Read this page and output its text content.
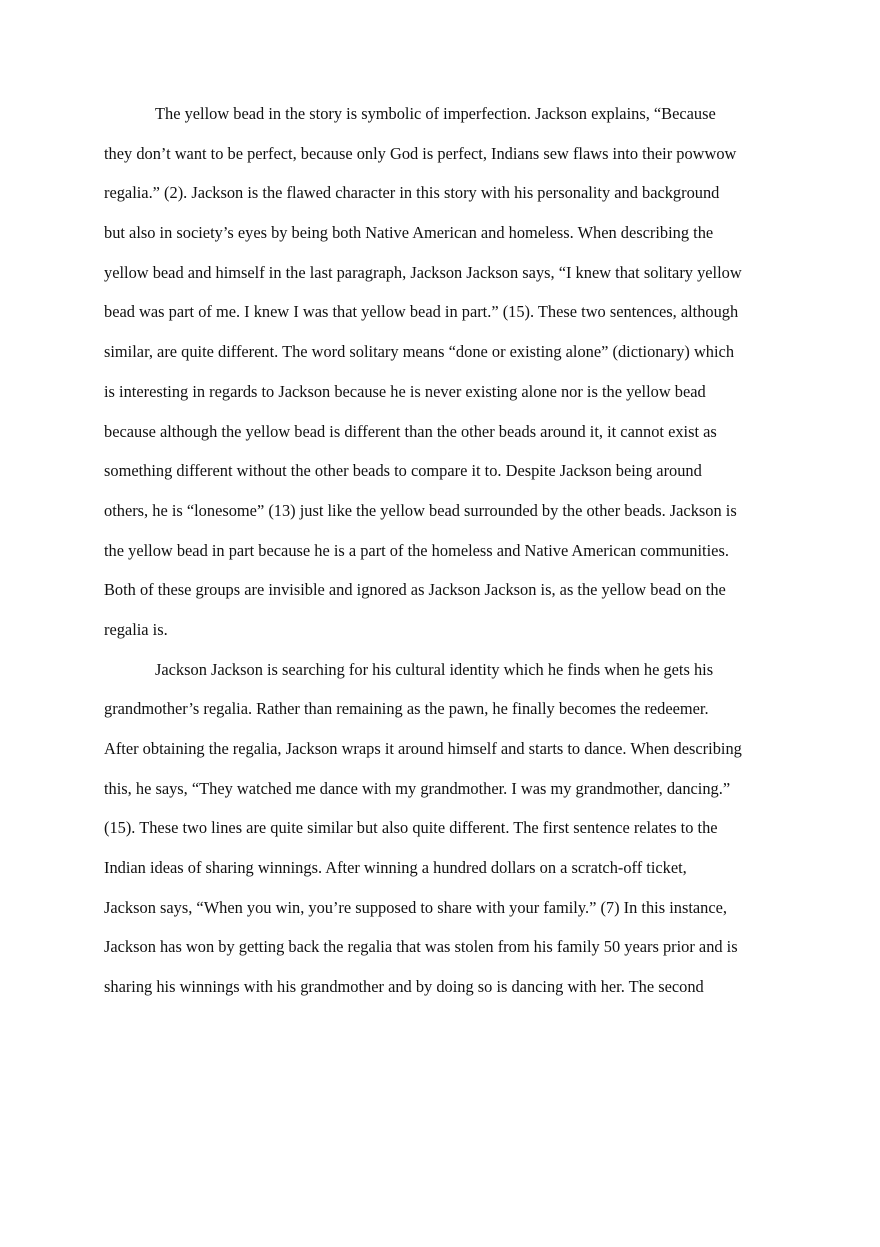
The yellow bead in the story is symbolic of imperfection. Jackson explains, “Because
they don’t want to be perfect, because only God is perfect, Indians sew flaws into their powwow
regalia.” (2). Jackson is the flawed character in this story with his personality and background
but also in society’s eyes by being both Native American and homeless. When describing the
yellow bead and himself in the last paragraph, Jackson Jackson says, “I knew that solitary yellow
bead was part of me. I knew I was that yellow bead in part.” (15). These two sentences, although
similar, are quite different. The word solitary means “done or existing alone” (dictionary) which
is interesting in regards to Jackson because he is never existing alone nor is the yellow bead
because although the yellow bead is different than the other beads around it, it cannot exist as
something different without the other beads to compare it to. Despite Jackson being around
others, he is “lonesome” (13) just like the yellow bead surrounded by the other beads. Jackson is
the yellow bead in part because he is a part of the homeless and Native American communities.
Both of these groups are invisible and ignored as Jackson Jackson is, as the yellow bead on the
regalia is.
Jackson Jackson is searching for his cultural identity which he finds when he gets his
grandmother’s regalia. Rather than remaining as the pawn, he finally becomes the redeemer.
After obtaining the regalia, Jackson wraps it around himself and starts to dance. When describing
this, he says, “They watched me dance with my grandmother. I was my grandmother, dancing.”
(15). These two lines are quite similar but also quite different. The first sentence relates to the
Indian ideas of sharing winnings. After winning a hundred dollars on a scratch-off ticket,
Jackson says, “When you win, you’re supposed to share with your family.” (7) In this instance,
Jackson has won by getting back the regalia that was stolen from his family 50 years prior and is
sharing his winnings with his grandmother and by doing so is dancing with her. The second
